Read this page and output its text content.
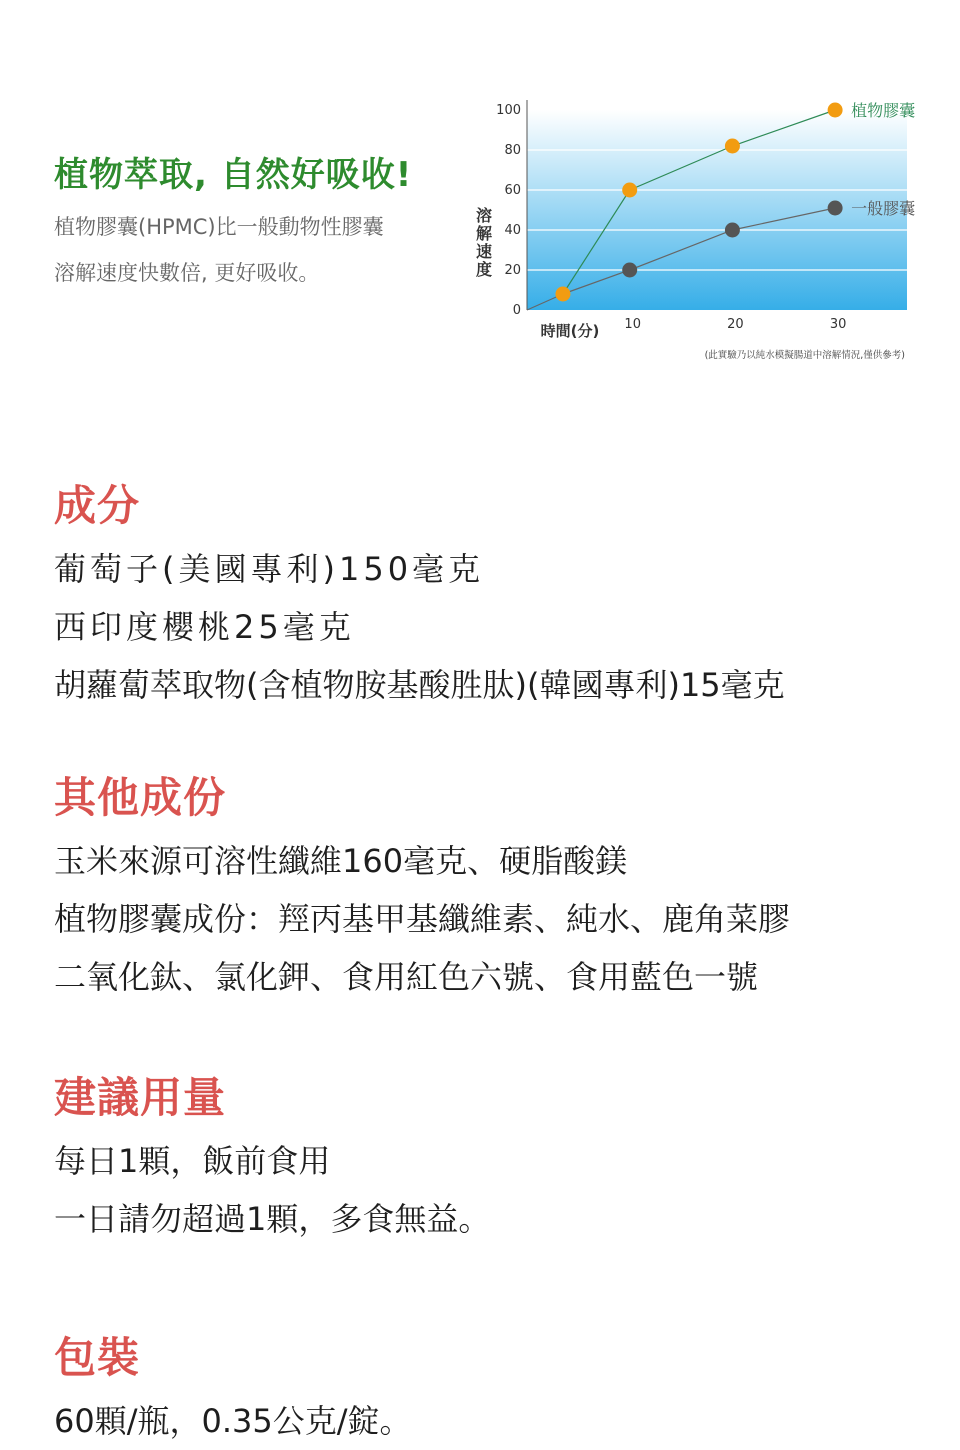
植物萃取, 自然好吸收!

植物膠囊(HPMC)比一般動物性膠囊

溶解速度快數倍, 更好吸收。

0
20
40
60
80
100
10	20	30
植物膠囊
一般膠囊
溶解速度
時間(分)
(此實驗乃以純水模擬腸道中溶解情況,僅供參考)
成分

葡萄子(美國專利)150毫克

西印度櫻桃25毫克

胡蘿蔔萃取物(含植物胺基酸胜肽)(韓國專利)15毫克

其他成份

玉米來源可溶性纖維160毫克、硬脂酸鎂

植物膠囊成份：羥丙基甲基纖維素、純水、鹿角菜膠

二氧化鈦、氯化鉀、食用紅色六號、食用藍色一號

建議用量

每日1顆，飯前食用

一日請勿超過1顆，多食無益。

包裝

60顆/瓶，0.35公克/錠。
